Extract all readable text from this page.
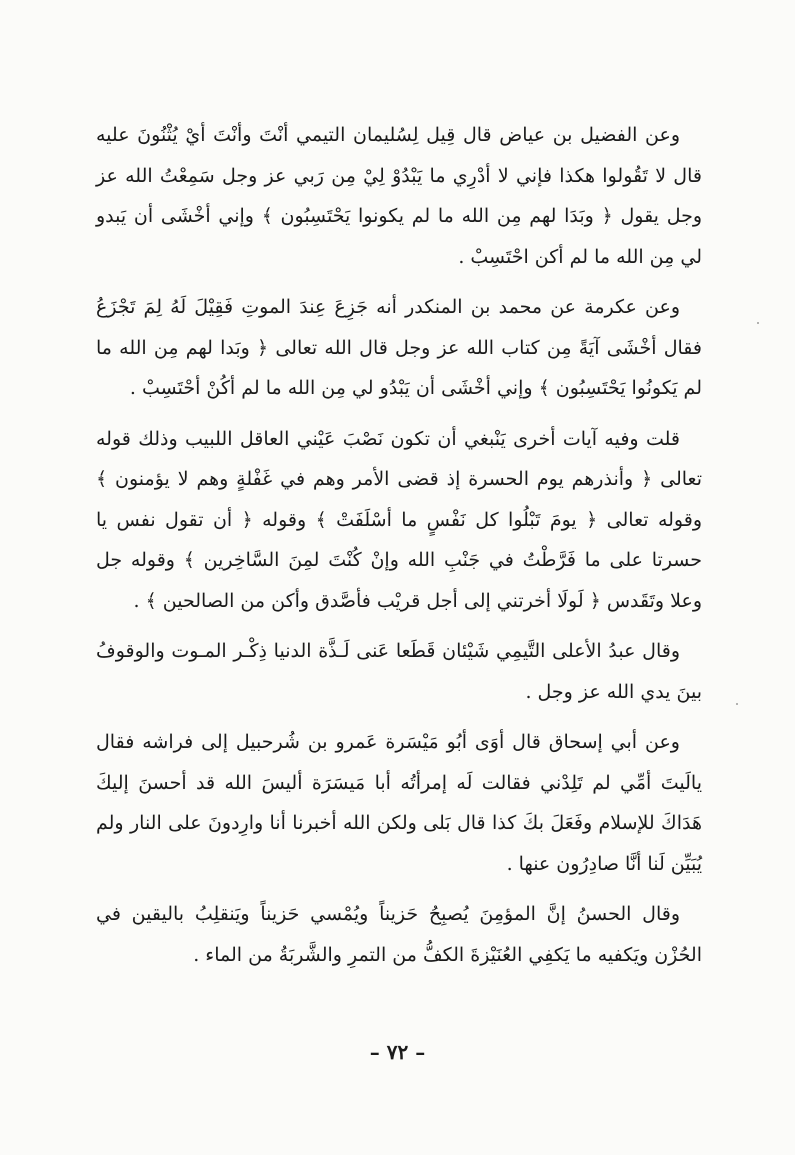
وعن الفضيل بن عياض قال قِيل لِسُليمان التيمي أنْتَ وأنْتَ أيْ يُثْنُونَ عليه قال لا تَقُولوا هكذا فإني لا أدْرِي ما يَبْدُوْ لِيْ مِن رَبي عز وجل سَمِعْتُ الله عز وجل يقول ﴿ وبَدَا لهم مِن الله ما لم يكونوا يَحْتَسِبُون ﴾ وإني أخْشَى أن يَبدو لي مِن الله ما لم أكن احْتَسِبْ .

وعن عكرمة عن محمد بن المنكدر أنه جَزِعَ عِندَ الموتِ فَقِيْلَ لَهُ لِمَ تَجْزَعُ فقال أخْشَى آيَةً مِن كتاب الله عز وجل قال الله تعالى ﴿ وبَدا لهم مِن الله ما لم يَكونُوا يَحْتَسِبُون ﴾ وإني أخْشَى أن يَبْدُو لي مِن الله ما لم أكُنْ أحْتَسِبْ .

قلت وفيه آيات أخرى يَنْبغي أن تكون نَصْبَ عَيْني العاقل اللبيب وذلك قوله تعالى ﴿ وأنذرهم يوم الحسرة إذ قضى الأمر وهم في غَفْلةٍ وهم لا يؤمنون ﴾ وقوله تعالى ﴿ يومَ تَبْلُوا كل نَفْسٍ ما أسْلَفَتْ ﴾ وقوله ﴿ أن تقول نفس يا حسرتا على ما فَرَّطْتُ في جَنْبِ الله وإنْ كُنْتَ لمِنَ السَّاخِرين ﴾ وقوله جل وعلا وتَقَدس ﴿ لَولَا أخرتني إلى أجل قريْب فأصَّدق وأكن من الصالحين ﴾ .

وقال عبدُ الأعلى التَّيمِي شَيْئان قَطَعا عَنى لَـذَّة الدنيا ذِكْـر المـوت والوقوفُ بينَ يدي الله عز وجل .

وعن أبي إسحاق قال أوَى أبُو مَيْسَرة عَمرو بن شُرحبيل إلى فراشه فقال يالَيتَ أمِّي لم تَلِدْني فقالت لَه إمرأتُه أبا مَيسَرَة أليسَ الله قد أحسنَ إليكَ هَدَاكَ للإسلام وفَعَلَ بكَ كذا قال بَلى ولكن الله أخبرنا أنا وارِدونَ على النار ولم يُبَيِّن لَنا أنَّا صادِرُون عنها .

وقال الحسنُ إنَّ المؤمِنَ يُصبِحُ حَزيناً ويُمْسي حَزيناً ويَنقلِبُ باليقين في الحُزْن ويَكفيه ما يَكفِي العُنَيْزةَ الكفُّ من التمرِ والشَّربَةُ من الماء .

– ٧٢ –
